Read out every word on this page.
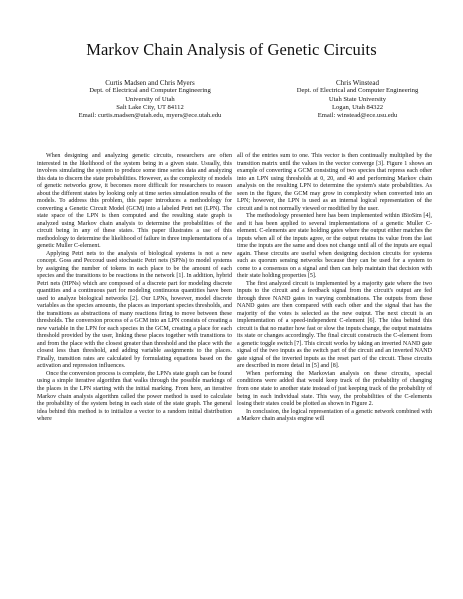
Markov Chain Analysis of Genetic Circuits
Curtis Madsen and Chris Myers
Dept. of Electrical and Computer Engineering
University of Utah
Salt Lake City, UT 84112
Email: curtis.madsen@utah.edu, myers@ece.utah.edu
Chris Winstead
Dept. of Electrical and Computer Engineering
Utah State University
Logan, Utah 84322
Email: winstead@ece.usu.edu

When designing and analyzing genetic circuits, researchers are often interested in the likelihood of the system being in a given state. Usually, this involves simulating the system to produce some time series data and analyzing this data to discern the state probabilities. However, as the complexity of models of genetic networks grow, it becomes more difficult for researchers to reason about the different states by looking only at time series simulation results of the models. To address this problem, this paper introduces a methodology for converting a Genetic Circuit Model (GCM) into a labeled Petri net (LPN). The state space of the LPN is then computed and the resulting state graph is analyzed using Markov chain analysis to determine the probabilities of the circuit being in any of these states. This paper illustrates a use of this methodology to determine the likelihood of failure in three implementations of a genetic Muller C-element.

Applying Petri nets to the analysis of biological systems is not a new concept. Goss and Peccoud used stochastic Petri nets (SPNs) to model systems by assigning the number of tokens in each place to be the amount of each species and the transitions to be reactions in the network [1]. In addition, hybrid Petri nets (HPNs) which are composed of a discrete part for modeling discrete quantities and a continuous part for modeling continuous quantities have been used to analyze biological networks [2]. Our LPNs, however, model discrete variables as the species amounts, the places as important species thresholds, and the transitions as abstractions of many reactions firing to move between these thresholds. The conversion process of a GCM into an LPN consists of creating a new variable in the LPN for each species in the GCM, creating a place for each threshold provided by the user, linking these places together with transitions to and from the place with the closest greater than threshold and the place with the closest less than threshold, and adding variable assignments to the places. Finally, transition rates are calculated by formulating equations based on the activation and repression influences.

Once the conversion process is complete, the LPN's state graph can be found using a simple iterative algorithm that walks through the possible markings of the places in the LPN starting with the initial marking. From here, an iterative Markov chain analysis algorithm called the power method is used to calculate the probability of the system being in each state of the state graph. The general idea behind this method is to initialize a vector to a random initial distribution where

all of the entries sum to one. This vector is then continually multiplied by the transition matrix until the values in the vector converge [3]. Figure 1 shows an example of converting a GCM consisting of two species that repress each other into an LPN using thresholds at 0, 20, and 40 and performing Markov chain analysis on the resulting LPN to determine the system's state probabilities. As seen in the figure, the GCM may grow in complexity when converted into an LPN; however, the LPN is used as an internal logical representation of the circuit and is not normally viewed or modified by the user.

The methodology presented here has been implemented within iBioSim [4], and it has been applied to several implementations of a genetic Muller C-element. C-elements are state holding gates where the output either matches the inputs when all of the inputs agree, or the output retains its value from the last time the inputs are the same and does not change until all of the inputs are equal again. These circuits are useful when designing decision circuits for systems such as quorum sensing networks because they can be used for a system to come to a consensus on a signal and then can help maintain that decision with their state holding properties [5].

The first analyzed circuit is implemented by a majority gate where the two inputs to the circuit and a feedback signal from the circuit's output are fed through three NAND gates in varying combinations. The outputs from these NAND gates are then compared with each other and the signal that has the majority of the votes is selected as the new output. The next circuit is an implementation of a speed-independent C-element [6]. The idea behind this circuit is that no matter how fast or slow the inputs change, the output maintains its state or changes accordingly. The final circuit constructs the C-element from a genetic toggle switch [7]. This circuit works by taking an inverted NAND gate signal of the two inputs as the switch part of the circuit and an inverted NAND gate signal of the inverted inputs as the reset part of the circuit. These circuits are described in more detail in [5] and [8].

When performing the Markovian analysis on these circuits, special conditions were added that would keep track of the probability of changing from one state to another state instead of just keeping track of the probability of being in each individual state. This way, the probabilities of the C-elements losing their states could be plotted as shown in Figure 2.

In conclusion, the logical representation of a genetic network combined with a Markov chain analysis engine will
